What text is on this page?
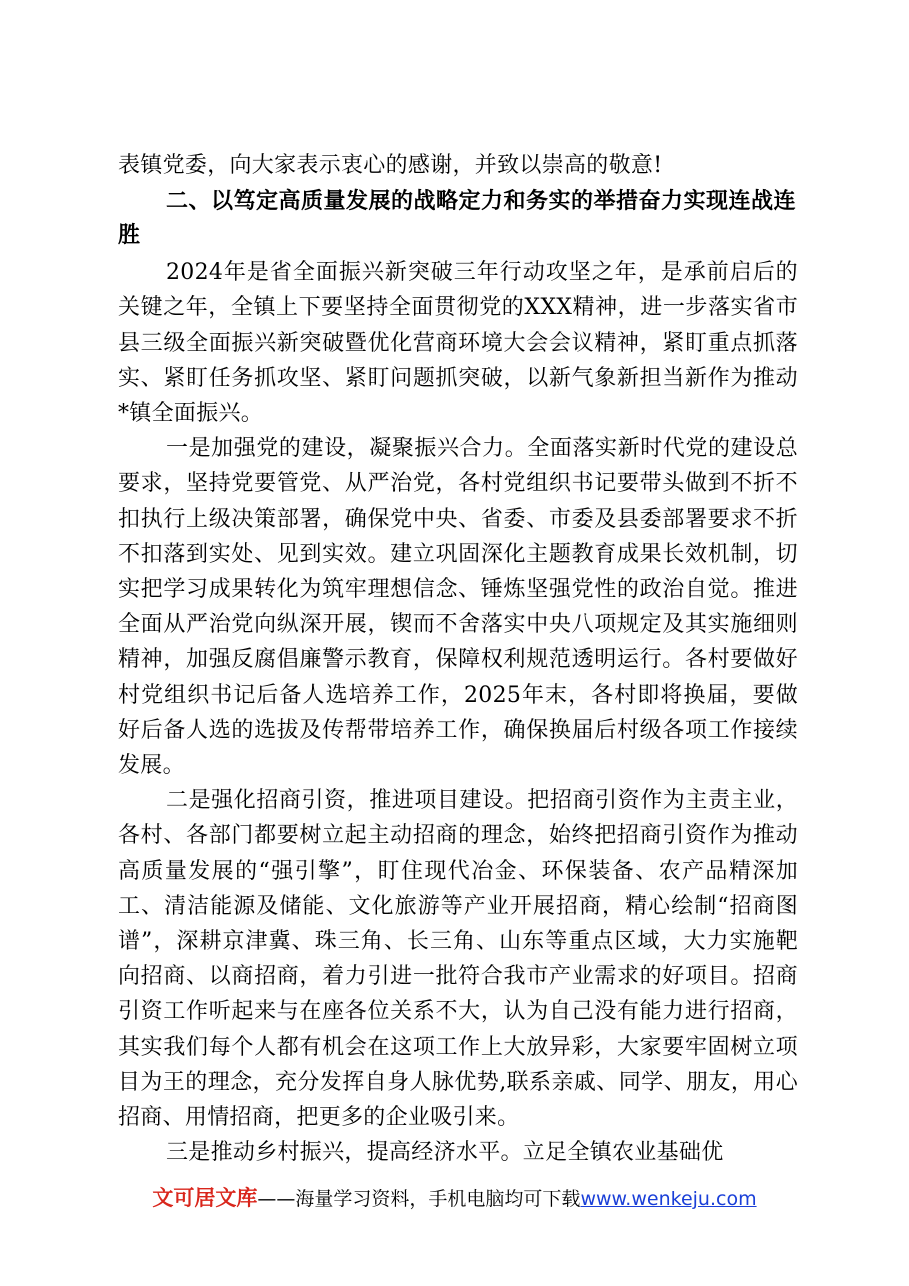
表镇党委，向大家表示衷心的感谢，并致以崇高的敬意!

二、以笃定高质量发展的战略定力和务实的举措奋力实现连战连胜

2024年是省全面振兴新突破三年行动攻坚之年，是承前启后的关键之年，全镇上下要坚持全面贯彻党的XXX精神，进一步落实省市县三级全面振兴新突破暨优化营商环境大会会议精神，紧盯重点抓落实、紧盯任务抓攻坚、紧盯问题抓突破，以新气象新担当新作为推动*镇全面振兴。

一是加强党的建设，凝聚振兴合力。全面落实新时代党的建设总要求，坚持党要管党、从严治党，各村党组织书记要带头做到不折不扣执行上级决策部署，确保党中央、省委、市委及县委部署要求不折不扣落到实处、见到实效。建立巩固深化主题教育成果长效机制，切实把学习成果转化为筑牢理想信念、锤炼坚强党性的政治自觉。推进全面从严治党向纵深开展，锲而不舍落实中央八项规定及其实施细则精神，加强反腐倡廉警示教育，保障权利规范透明运行。各村要做好村党组织书记后备人选培养工作，2025年末，各村即将换届，要做好后备人选的选拔及传帮带培养工作，确保换届后村级各项工作接续发展。

二是强化招商引资，推进项目建设。把招商引资作为主责主业，各村、各部门都要树立起主动招商的理念，始终把招商引资作为推动高质量发展的“强引擎”，盯住现代冶金、环保装备、农产品精深加工、清洁能源及储能、文化旅游等产业开展招商，精心绘制“招商图谱”，深耕京津冀、珠三角、长三角、山东等重点区域，大力实施靶向招商、以商招商，着力引进一批符合我市产业需求的好项目。招商引资工作听起来与在座各位关系不大，认为自己没有能力进行招商，其实我们每个人都有机会在这项工作上大放异彩，大家要牢固树立项目为王的理念，充分发挥自身人脉优势,联系亲戚、同学、朋友，用心招商、用情招商，把更多的企业吸引来。

三是推动乡村振兴，提高经济水平。立足全镇农业基础优

文可居文库——海量学习资料，手机电脑均可下载www.wenkeju.com
